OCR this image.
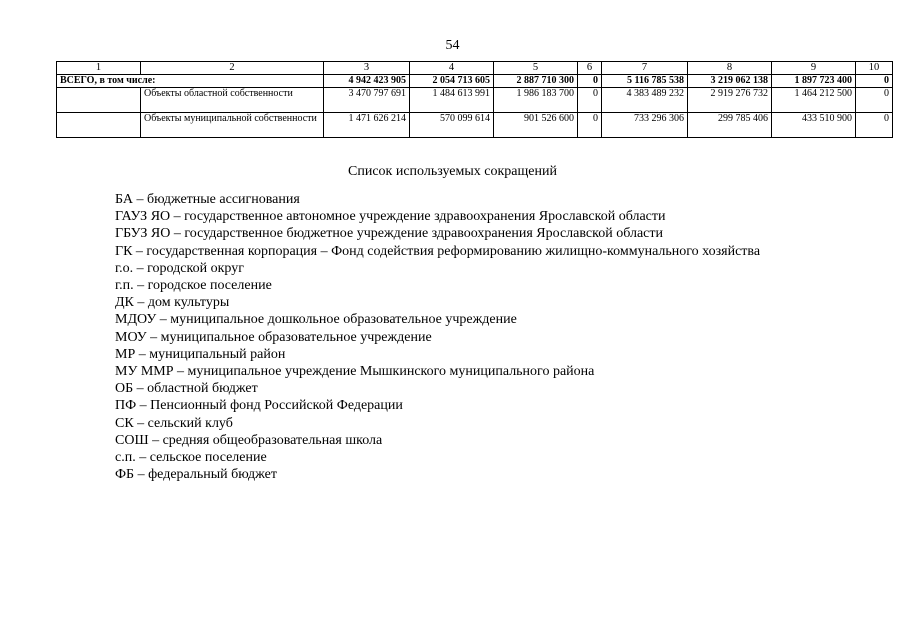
54
1	2	3	4	5	6	7	8	9	10
ВСЕГО, в том числе:		4 942 423 905	2 054 713 605	2 887 710 300	0	5 116 785 538	3 219 062 138	1 897 723 400	0
	Объекты областной собственности	3 470 797 691	1 484 613 991	1 986 183 700	0	4 383 489 232	2 919 276 732	1 464 212 500	0
	Объекты муниципальной собственности	1 471 626 214	570 099 614	901 526 600	0	733 296 306	299 785 406	433 510 900	0
Список используемых сокращений
БА – бюджетные ассигнования
ГАУЗ ЯО – государственное автономное учреждение здравоохранения Ярославской области
ГБУЗ ЯО – государственное бюджетное учреждение здравоохранения Ярославской области
ГК – государственная корпорация – Фонд содействия реформированию жилищно-коммунального хозяйства
г.о. – городской округ
г.п. – городское поселение
ДК – дом культуры
МДОУ – муниципальное дошкольное образовательное учреждение
МОУ – муниципальное образовательное учреждение
МР – муниципальный район
МУ ММР – муниципальное учреждение Мышкинского муниципального района
ОБ – областной бюджет
ПФ – Пенсионный фонд Российской Федерации
СК – сельский клуб
СОШ – средняя общеобразовательная школа
с.п. – сельское поселение
ФБ – федеральный бюджет
